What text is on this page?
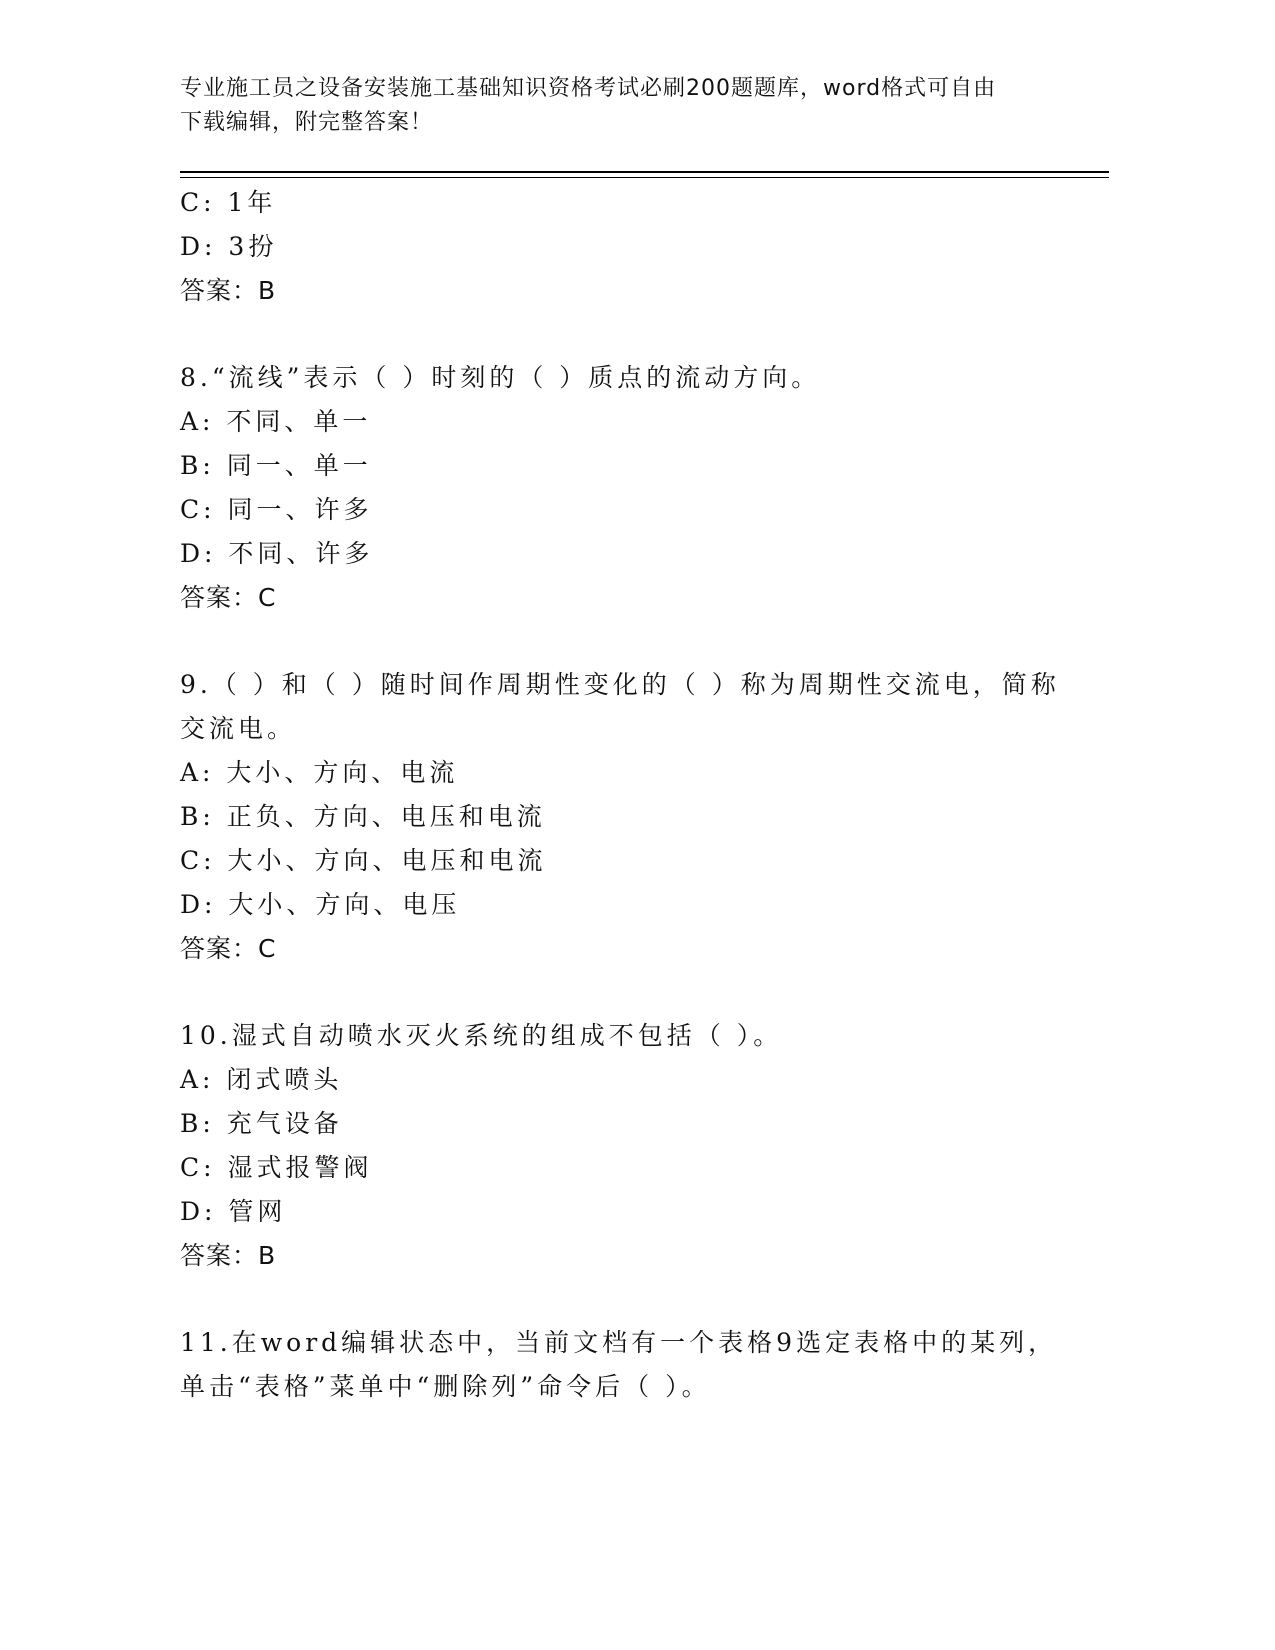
专业施工员之设备安装施工基础知识资格考试必刷200题题库，word格式可自由
下载编辑，附完整答案！
C: 1年
D: 3扮
答案：B
8.“流线”表示（ ）时刻的（ ）质点的流动方向。
A: 不同、单一
B: 同一、单一
C: 同一、许多
D: 不同、许多
答案：C
9.（ ）和（ ）随时间作周期性变化的（ ）称为周期性交流电，简称
交流电。
A: 大小、方向、电流
B: 正负、方向、电压和电流
C: 大小、方向、电压和电流
D: 大小、方向、电压
答案：C
10.湿式自动喷水灭火系统的组成不包括（ ）。
A: 闭式喷头
B: 充气设备
C: 湿式报警阀
D: 管网
答案：B
11.在word编辑状态中，当前文档有一个表格9选定表格中的某列，
单击“表格”菜单中“删除列”命令后（ ）。
